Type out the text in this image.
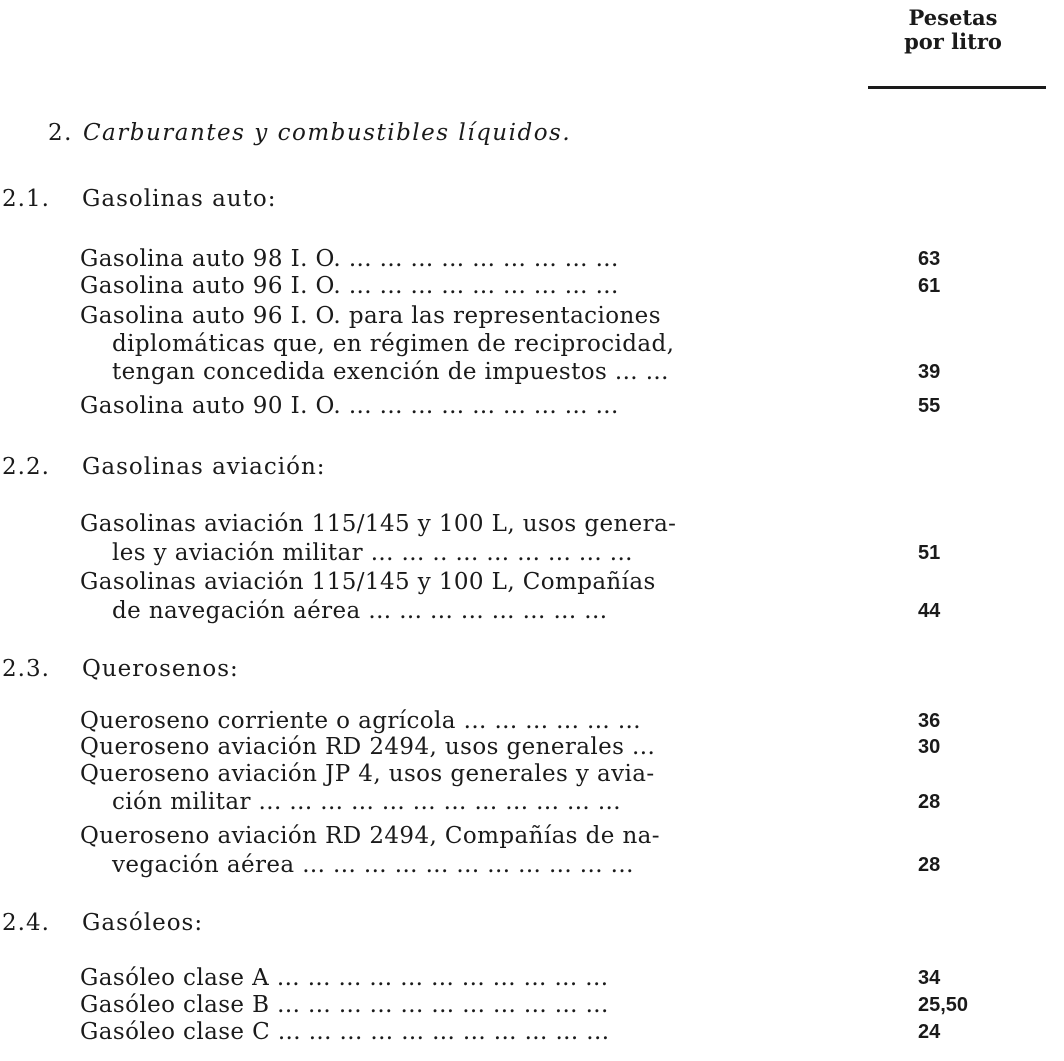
Pesetas
por litro
2. Carburantes y combustibles líquidos.
2.1. Gasolinas auto:
Gasolina auto 98 I. O. ... ... ... ... ... ... ... ... ...	63
Gasolina auto 96 I. O. ... ... ... ... ... ... ... ... ...	61
Gasolina auto 96 I. O. para las representaciones
diplomáticas que, en régimen de reciprocidad,
tengan concedida exención de impuestos ... ...	39
Gasolina auto 90 I. O. ... ... ... ... ... ... ... ... ...	55
2.2. Gasolinas aviación:
Gasolinas aviación 115/145 y 100 L, usos genera-
les y aviación militar ... ... .. ... ... ... ... ... ...	51
Gasolinas aviación 115/145 y 100 L, Compañías
de navegación aérea ... ... ... ... ... ... ... ...	44
2.3. Querosenos:
Queroseno corriente o agrícola ... ... ... ... ... ...	36
Queroseno aviación RD 2494, usos generales ...	30
Queroseno aviación JP 4, usos generales y avia-
ción militar ... ... ... ... ... ... ... ... ... ... ... ...	28
Queroseno aviación RD 2494, Compañías de na-
vegación aérea ... ... ... ... ... ... ... ... ... ... ...	28
2.4. Gasóleos:
Gasóleo clase A ... ... ... ... ... ... ... ... ... ... ...	34
Gasóleo clase B ... ... ... ... ... ... ... ... ... ... ...	25,50
Gasóleo clase C ... ... ... ... ... ... ... ... ... ... ...	24
